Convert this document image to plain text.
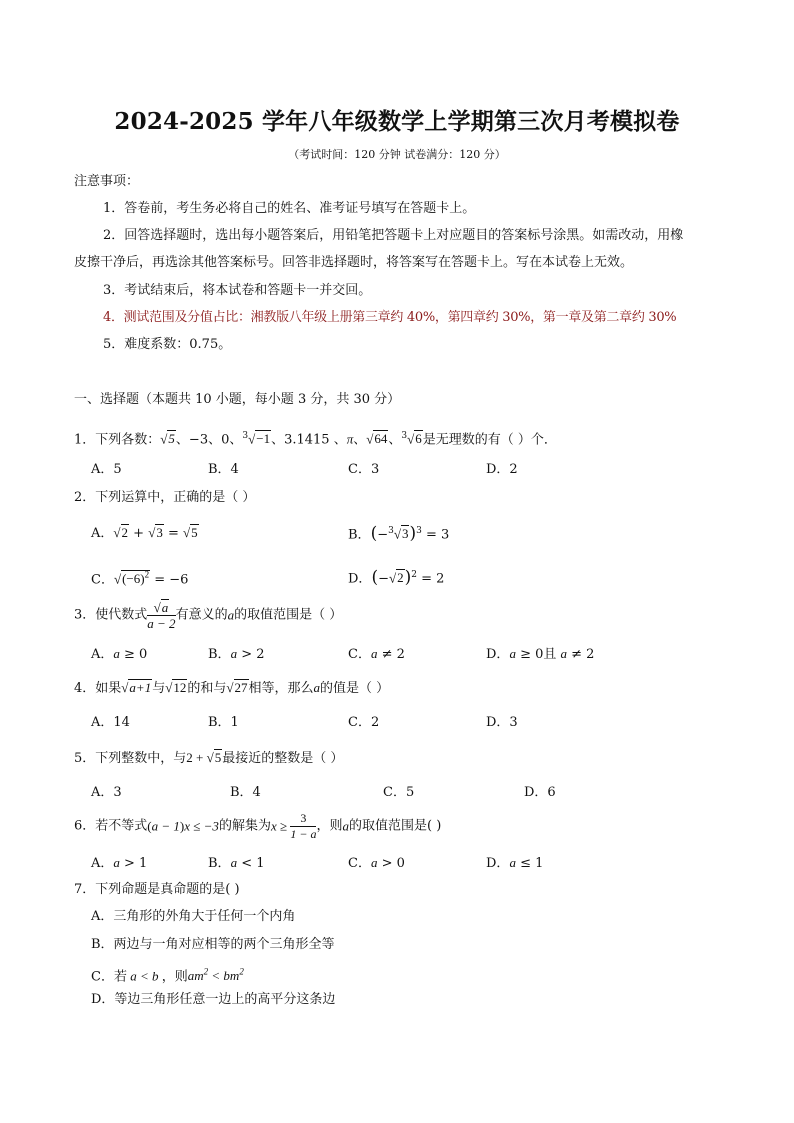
2024-2025 学年八年级数学上学期第三次月考模拟卷
（考试时间：120 分钟 试卷满分：120 分）
注意事项：
1．答卷前，考生务必将自己的姓名、准考证号填写在答题卡上。
2．回答选择题时，选出每小题答案后，用铅笔把答题卡上对应题目的答案标号涂黑。如需改动，用橡
皮擦干净后，再选涂其他答案标号。回答非选择题时，将答案写在答题卡上。写在本试卷上无效。
3．考试结束后，将本试卷和答题卡一并交回。
4．测试范围及分值占比：湘教版八年级上册第三章约 40%，第四章约 30%，第一章及第二章约 30%
5．难度系数：0.75。
一、选择题（本题共 10 小题，每小题 3 分，共 30 分）
1．下列各数：√5、−3、0、$^3$√−1、3.1415 、π、√64、$^3$√6是无理数的有（ ）个．
A．5	B．4	C．3	D．2
2．下列运算中，正确的是（ ）
A．√2 + √3 = √5	B．$(-^3√3)^3 = 3$
C．$√(-6)^2 = -6$	D．$(-√2)^2 = 2$
3．使代数式 $\frac{√a}{a - 2}$ 有意义的a的取值范围是（ ）
A．a ≥ 0	B．a > 2	C．a ≠ 2	D．a ≥ 0且 a ≠ 2
4．如果√a+1与√12的和与√27相等，那么a的值是（ ）
A．14	B．1	C．2	D．3
5．下列整数中，与2 + √5最接近的整数是（ ）
A．3	B．4	C．5	D．6
6．若不等式(a − 1)x ≤ −3的解集为$x \ge \frac{3}{1 - a}$ ，则a的取值范围是( )
A．a > 1	B．a < 1	C．a > 0	D．a ≤ 1
7．下列命题是真命题的是( )
A．三角形的外角大于任何一个内角
B．两边与一角对应相等的两个三角形全等
C．若 a < b ，则$am^2 < bm^2$
D．等边三角形任意一边上的高平分这条边
